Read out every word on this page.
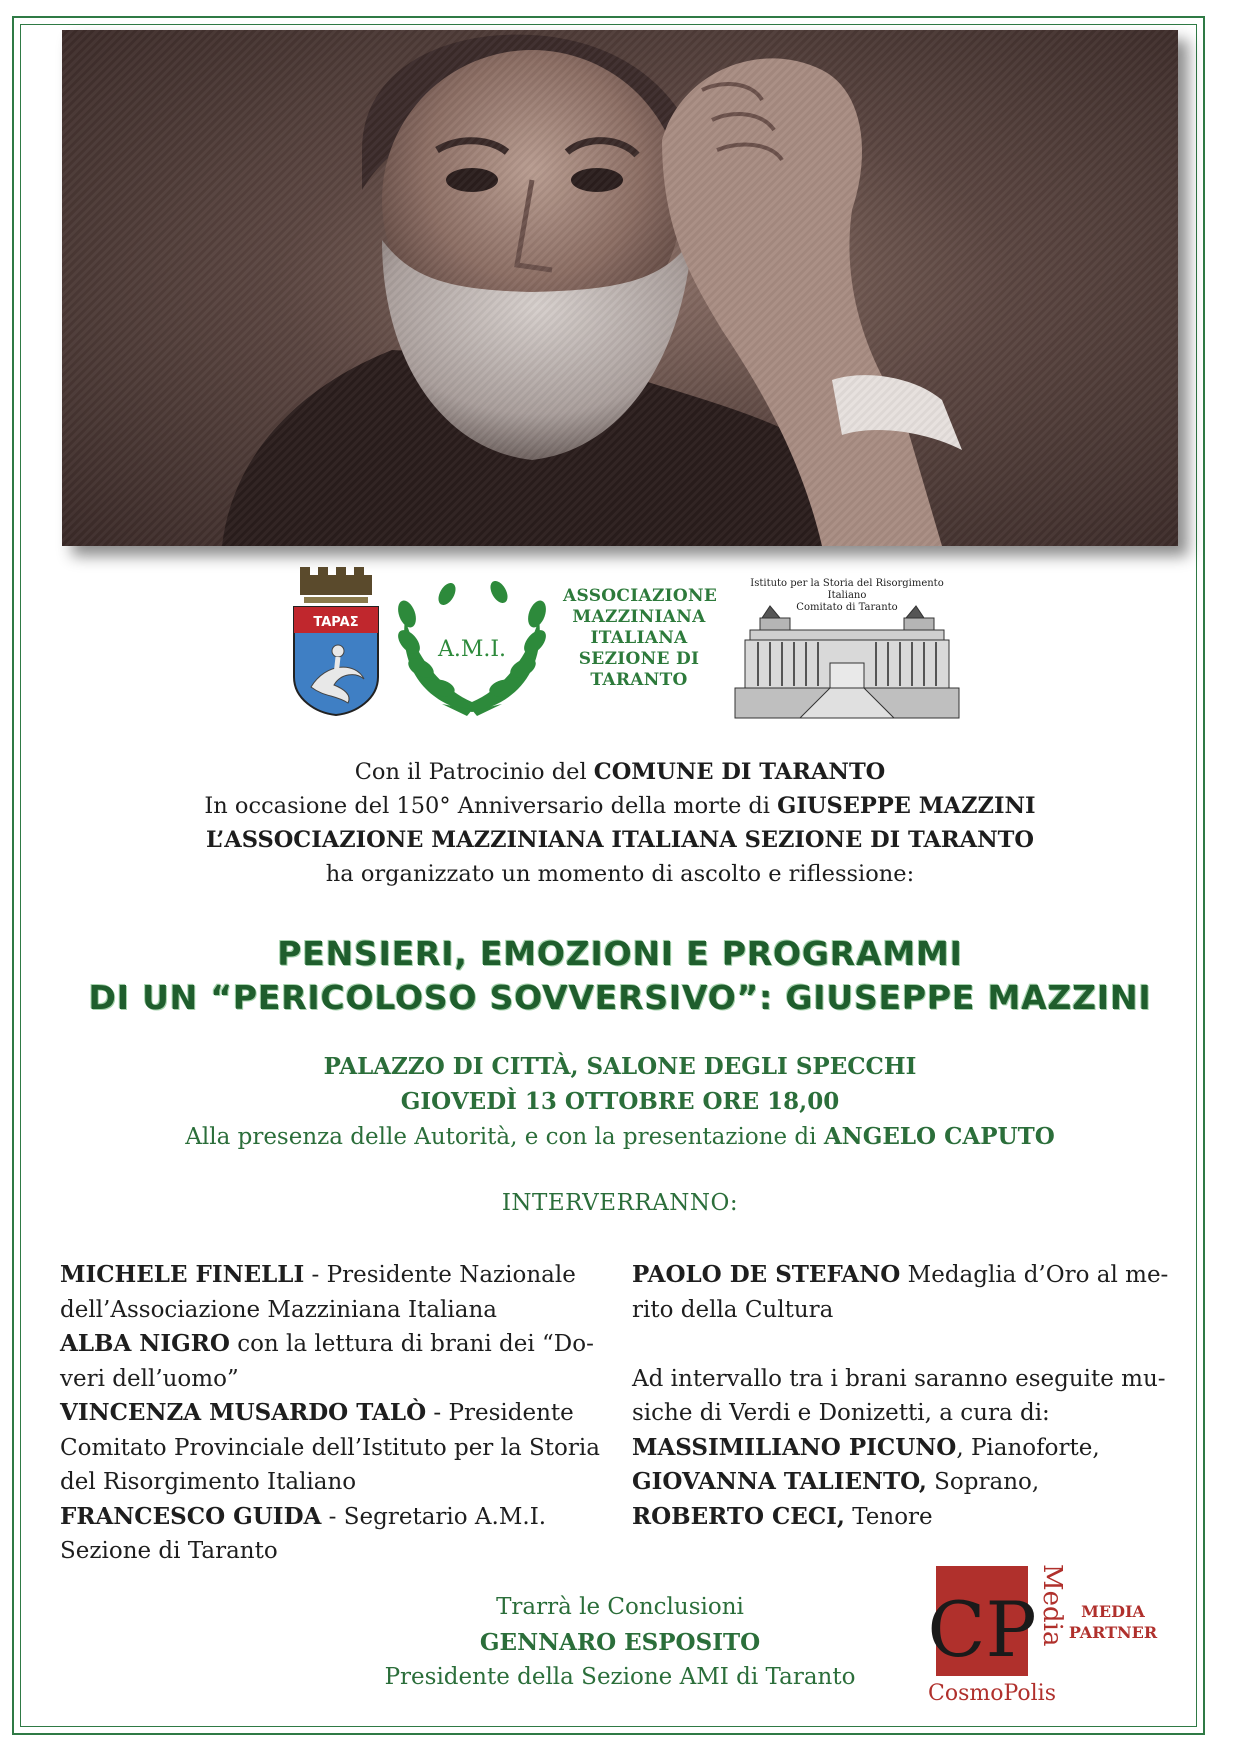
TAPAΣ
A.M.I.
ASSOCIAZIONE
MAZZINIANA
ITALIANA
SEZIONE DI
TARANTO
Istituto per la Storia del Risorgimento Italiano
Comitato di Taranto
Con il Patrocinio del COMUNE DI TARANTO
In occasione del 150° Anniversario della morte di GIUSEPPE MAZZINI
L’ASSOCIAZIONE MAZZINIANA ITALIANA SEZIONE DI TARANTO
ha organizzato un momento di ascolto e riflessione:
PENSIERI, EMOZIONI E PROGRAMMI
DI UN “PERICOLOSO SOVVERSIVO”: GIUSEPPE MAZZINI
PALAZZO DI CITTÀ, SALONE DEGLI SPECCHI
GIOVEDÌ 13 OTTOBRE ORE 18,00
Alla presenza delle Autorità, e con la presentazione di ANGELO CAPUTO
INTERVERRANNO:
MICHELE FINELLI - Presidente Nazionale
dell’Associazione Mazziniana Italiana
ALBA NIGRO con la lettura di brani dei “Do-
veri dell’uomo”
VINCENZA MUSARDO TALÒ - Presidente
Comitato Provinciale dell’Istituto per la Storia
del Risorgimento Italiano
FRANCESCO GUIDA - Segretario A.M.I.
Sezione di Taranto
PAOLO DE STEFANO Medaglia d’Oro al me-
rito della Cultura
Ad intervallo tra i brani saranno eseguite mu-
siche di Verdi e Donizetti, a cura di:
MASSIMILIANO PICUNO, Pianoforte,
GIOVANNA TALIENTO, Soprano,
ROBERTO CECI, Tenore
Trarrà le Conclusioni
GENNARO ESPOSITO
Presidente della Sezione AMI di Taranto
CP Media
CosmoPolis
MEDIA
PARTNER
